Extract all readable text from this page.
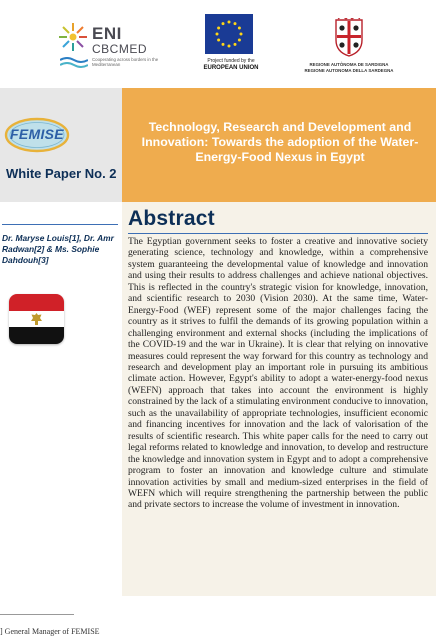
ENI
CBCMED
Cooperating across borders in the Mediterranean
Project funded by the
EUROPEAN UNION
REGIONE AUTÒNOMA DE SARDIGNA
REGIONE AUTONOMA DELLA SARDEGNA
FEMISE
White Paper No. 2
Technology, Research and Development and Innovation: Towards the adoption of the Water-Energy-Food Nexus in Egypt
Dr. Maryse Louis[1], Dr. Amr Radwan[2] & Ms. Sophie Dahdouh[3]
Abstract
The Egyptian government seeks to foster a creative and innovative society generating science, technology and knowledge, within a comprehensive system guaranteeing the developmental value of knowledge and innovation and using their results to address challenges and achieve national objectives. This is reflected in the country's strategic vision for knowledge, innovation, and scientific research to 2030 (Vision 2030). At the same time, Water-Energy-Food (WEF) represent some of the major challenges facing the country as it strives to fulfil the demands of its growing population within a challenging environment and external shocks (including the implications of the COVID-19 and the war in Ukraine). It is clear that relying on innovative measures could represent the way forward for this country as technology and research and development play an important role in pursuing its ambitious climate action. However, Egypt's ability to adopt a water-energy-food nexus (WEFN) approach that takes into account the environment is highly constrained by the lack of a stimulating environment conducive to innovation, such as the unavailability of appropriate technologies, insufficient economic and financing incentives for innovation and the lack of valorisation of the results of scientific research. This white paper calls for the need to carry out legal reforms related to knowledge and innovation, to develop and restructure the knowledge and innovation system in Egypt and to adopt a comprehensive program to foster an innovation and knowledge culture and stimulate innovation activities by small and medium-sized enterprises in the field of WEFN which will require strengthening the partnership between the public and private sectors to increase the volume of investment in innovation.
] General Manager of FEMISE
